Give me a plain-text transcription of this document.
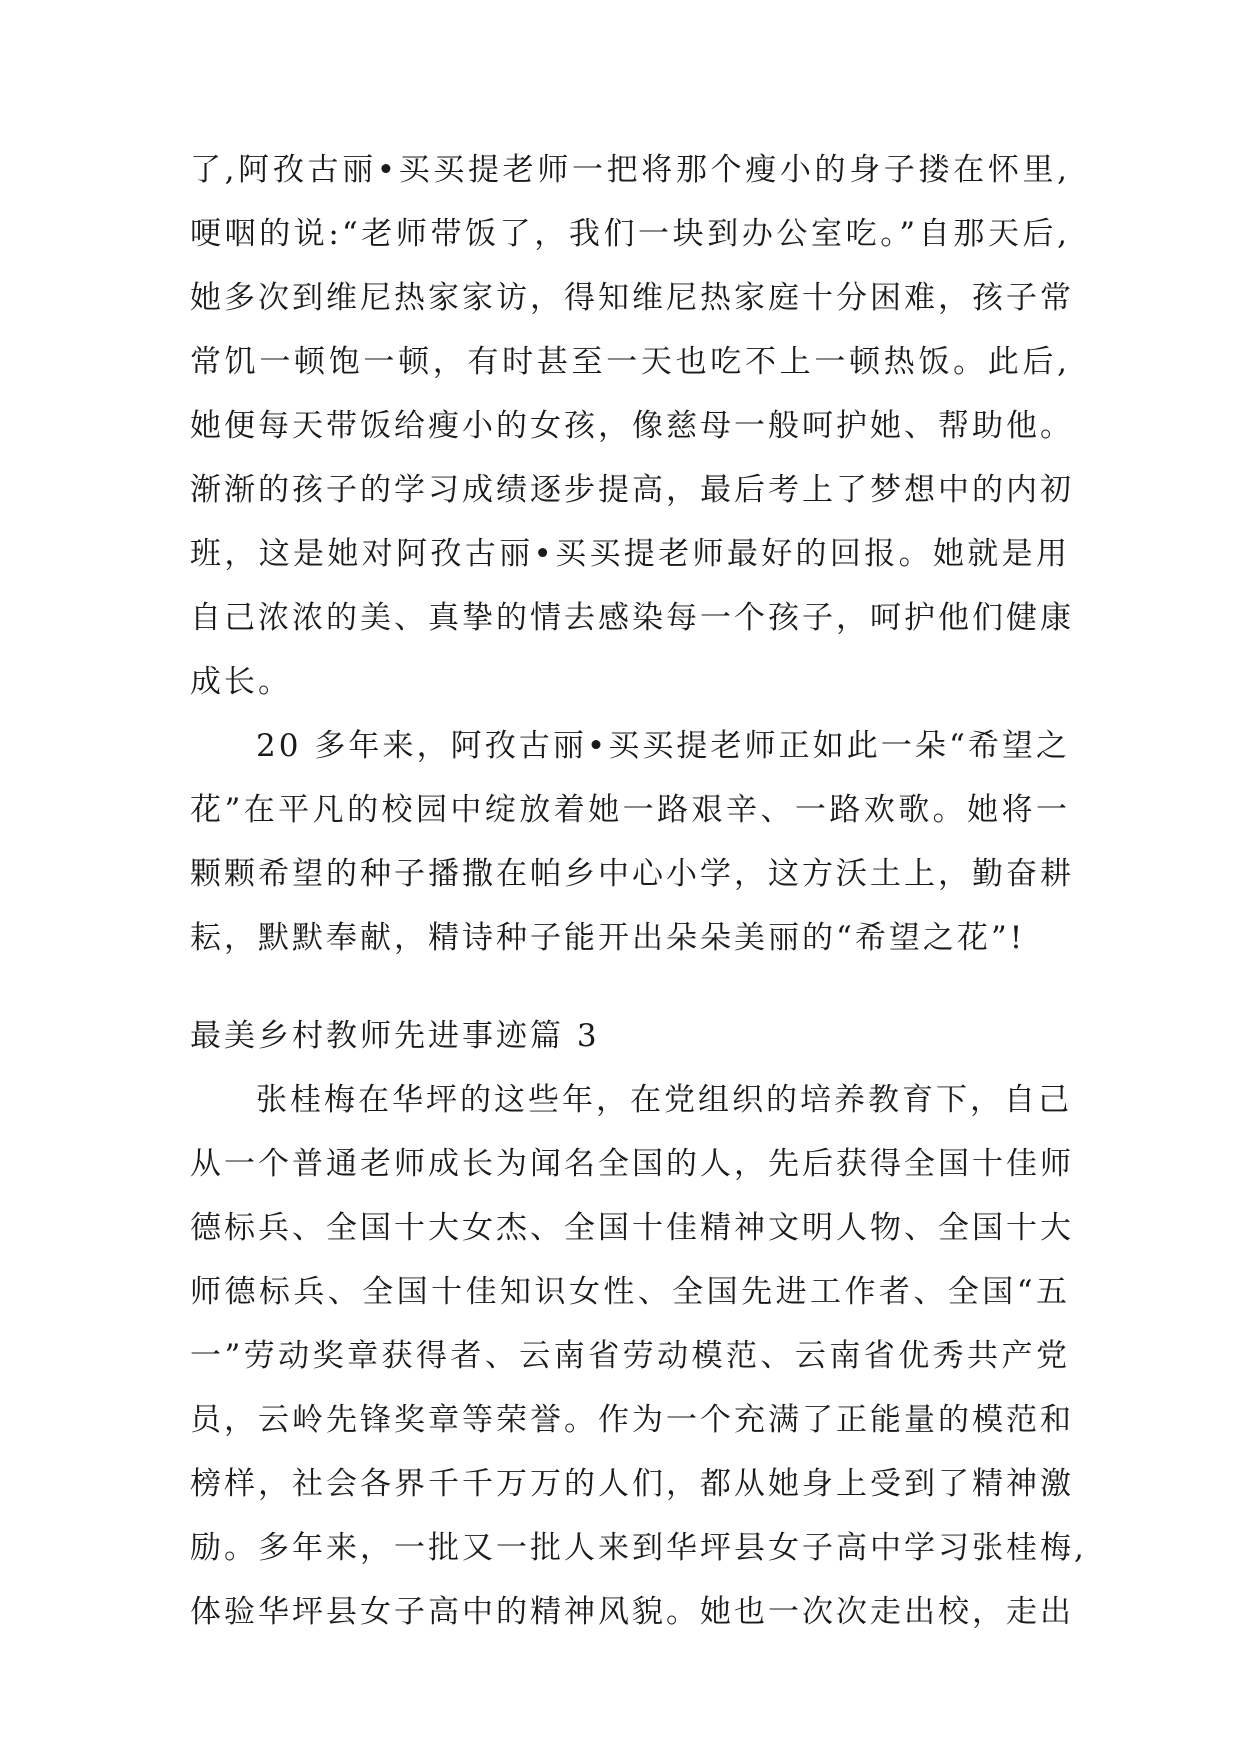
了,阿孜古丽•买买提老师一把将那个瘦小的身子搂在怀里,
哽咽的说:“老师带饭了，我们一块到办公室吃。”自那天后,
她多次到维尼热家家访，得知维尼热家庭十分困难，孩子常
常饥一顿饱一顿，有时甚至一天也吃不上一顿热饭。此后,
她便每天带饭给瘦小的女孩，像慈母一般呵护她、帮助他。
渐渐的孩子的学习成绩逐步提高，最后考上了梦想中的内初
班，这是她对阿孜古丽•买买提老师最好的回报。她就是用
自己浓浓的美、真挚的情去感染每一个孩子，呵护他们健康
成长。
20 多年来，阿孜古丽•买买提老师正如此一朵“希望之
花”在平凡的校园中绽放着她一路艰辛、一路欢歌。她将一
颗颗希望的种子播撒在帕乡中心小学，这方沃土上，勤奋耕
耘，默默奉献，精诗种子能开出朵朵美丽的“希望之花”!
最美乡村教师先进事迹篇 3
张桂梅在华坪的这些年，在党组织的培养教育下，自己
从一个普通老师成长为闻名全国的人，先后获得全国十佳师
德标兵、全国十大女杰、全国十佳精神文明人物、全国十大
师德标兵、全国十佳知识女性、全国先进工作者、全国“五
一”劳动奖章获得者、云南省劳动模范、云南省优秀共产党
员，云岭先锋奖章等荣誉。作为一个充满了正能量的模范和
榜样，社会各界千千万万的人们，都从她身上受到了精神激
励。多年来，一批又一批人来到华坪县女子高中学习张桂梅,
体验华坪县女子高中的精神风貌。她也一次次走出校，走出
